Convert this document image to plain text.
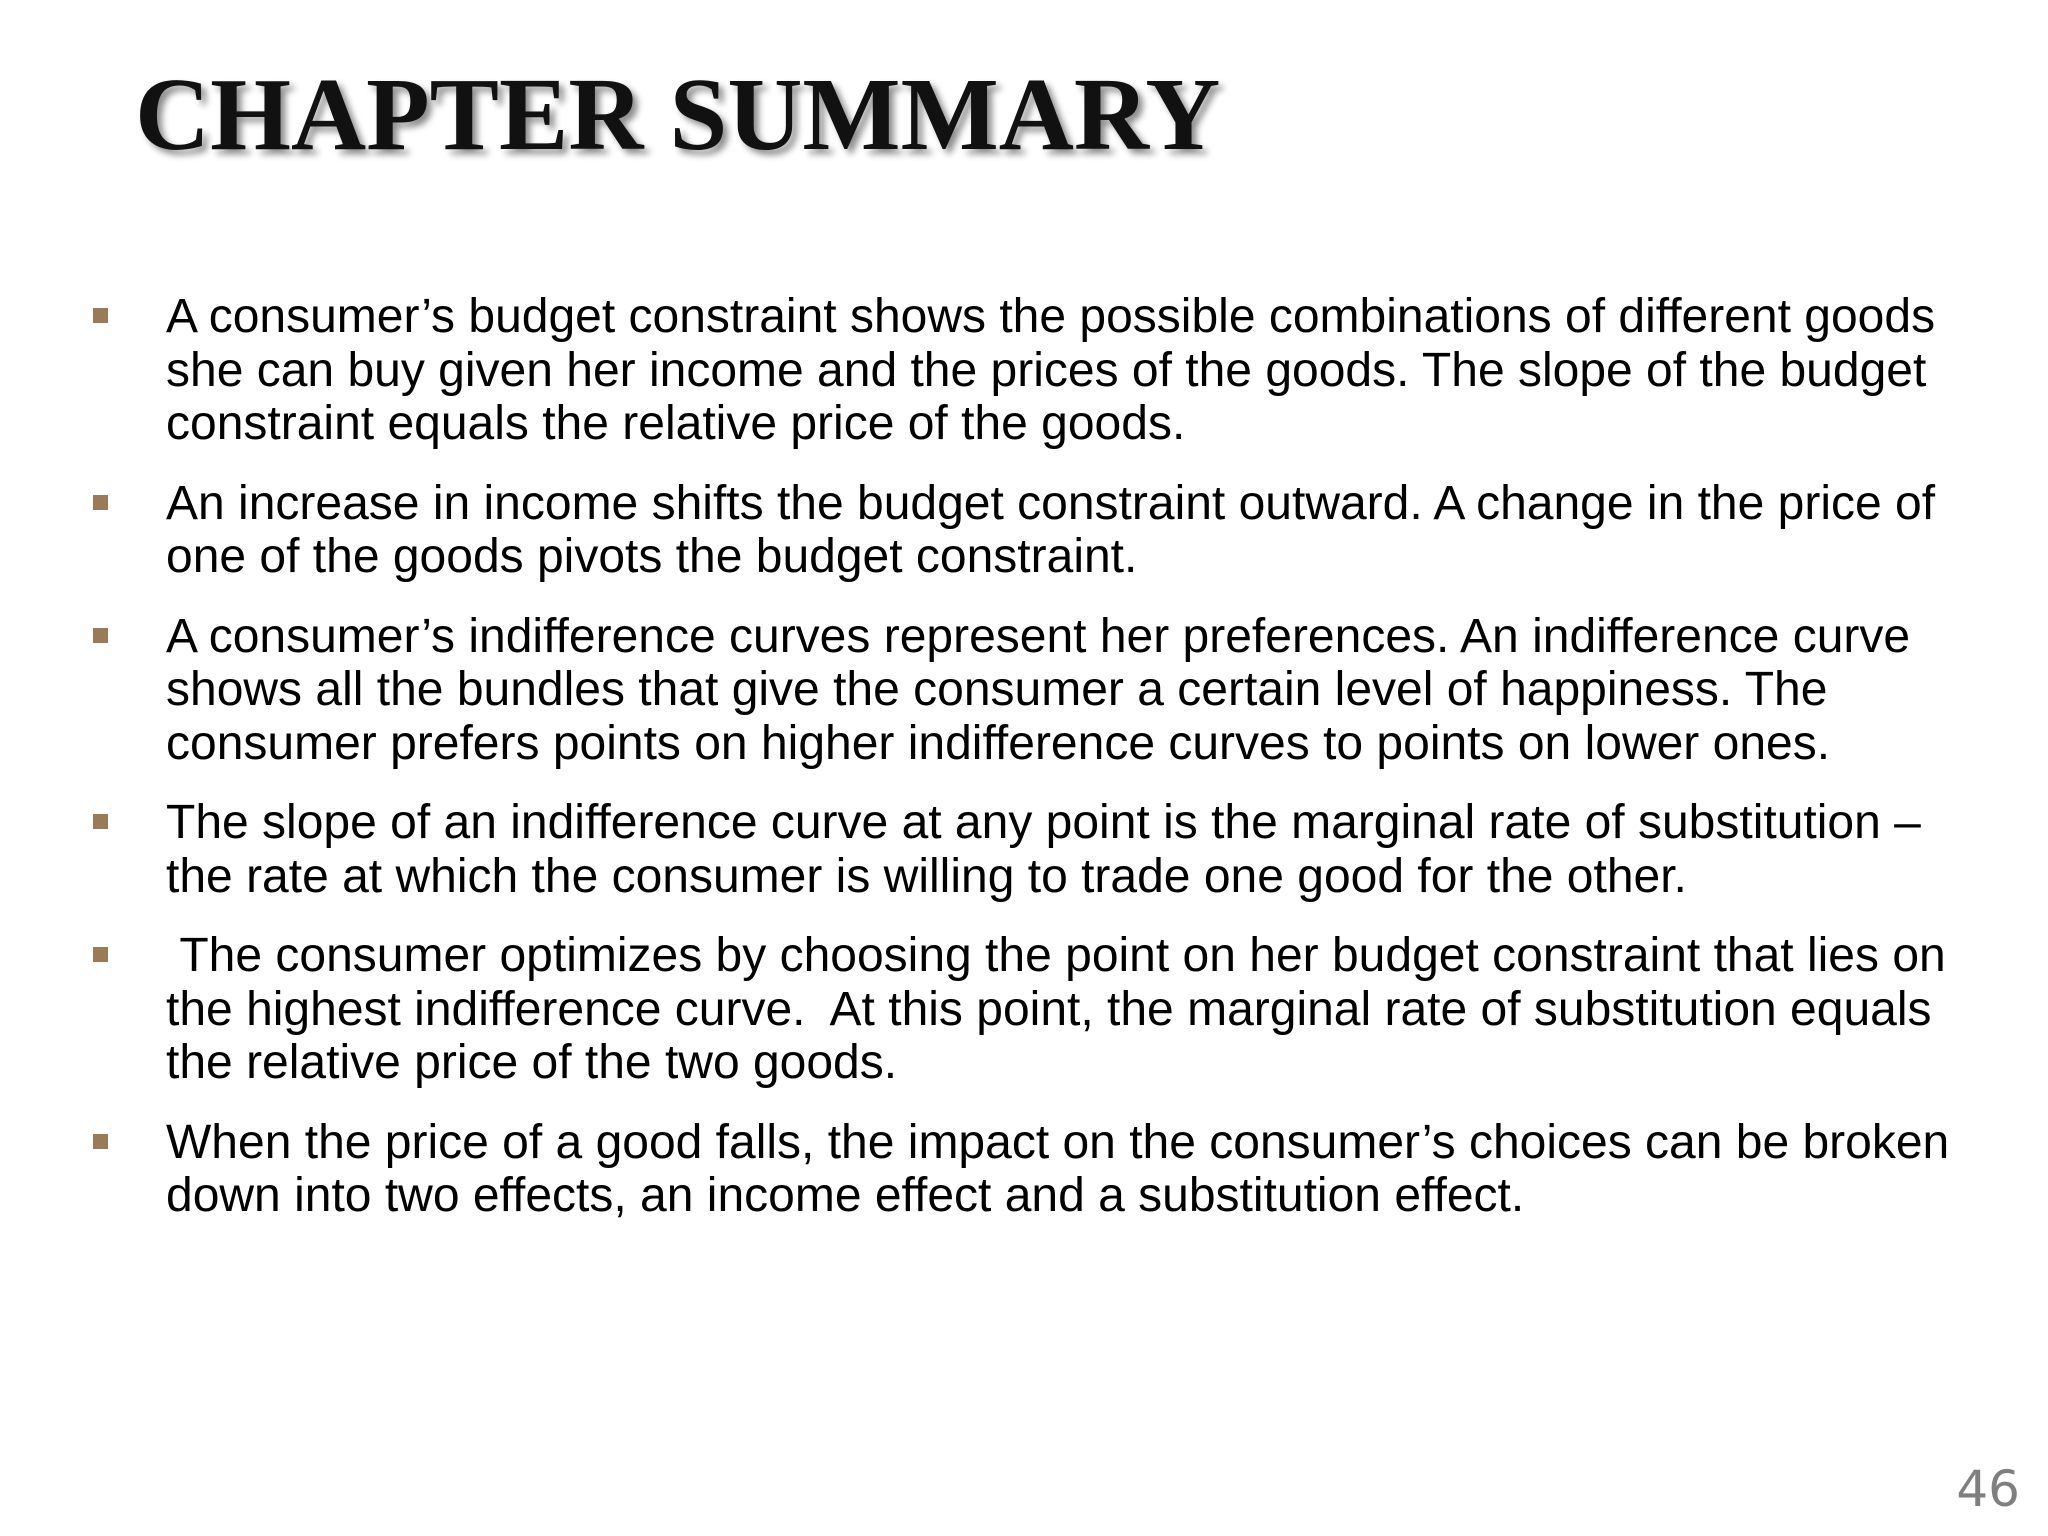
CHAPTER SUMMARY
A consumer’s budget constraint shows the possible combinations of different goods she can buy given her income and the prices of the goods. The slope of the budget constraint equals the relative price of the goods.
An increase in income shifts the budget constraint outward. A change in the price of one of the goods pivots the budget constraint.
A consumer’s indifference curves represent her preferences. An indifference curve shows all the bundles that give the consumer a certain level of happiness. The consumer prefers points on higher indifference curves to points on lower ones.
The slope of an indifference curve at any point is the marginal rate of substitution – the rate at which the consumer is willing to trade one good for the other.
The consumer optimizes by choosing the point on her budget constraint that lies on the highest indifference curve.  At this point, the marginal rate of substitution equals the relative price of the two goods.
When the price of a good falls, the impact on the consumer’s choices can be broken down into two effects, an income effect and a substitution effect.
46
